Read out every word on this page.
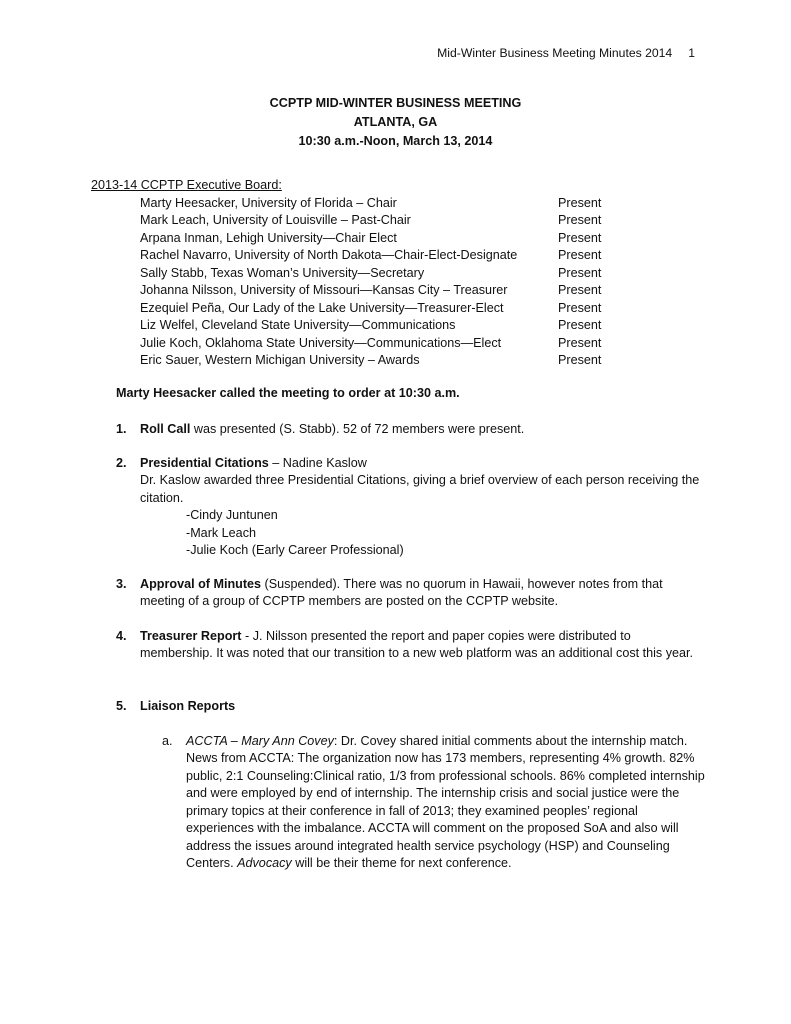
Mid-Winter Business Meeting Minutes 2014 1
CCPTP MID-WINTER BUSINESS MEETING
ATLANTA, GA
10:30 a.m.-Noon, March 13, 2014
2013-14 CCPTP Executive Board:
Marty Heesacker, University of Florida – Chair	Present
Mark Leach, University of Louisville – Past-Chair	Present
Arpana Inman, Lehigh University—Chair Elect	Present
Rachel Navarro, University of North Dakota—Chair-Elect-Designate	Present
Sally Stabb, Texas Woman’s University—Secretary	Present
Johanna Nilsson, University of Missouri—Kansas City – Treasurer	Present
Ezequiel Peña, Our Lady of the Lake University—Treasurer-Elect	Present
Liz Welfel, Cleveland State University—Communications	Present
Julie Koch, Oklahoma State University—Communications—Elect	Present
Eric Sauer, Western Michigan University – Awards	Present
Marty Heesacker called the meeting to order at 10:30 a.m.
1. Roll Call was presented (S. Stabb). 52 of 72 members were present.
2. Presidential Citations – Nadine Kaslow
Dr. Kaslow awarded three Presidential Citations, giving a brief overview of each person receiving the citation.
-Cindy Juntunen
-Mark Leach
-Julie Koch (Early Career Professional)
3. Approval of Minutes (Suspended). There was no quorum in Hawaii, however notes from that meeting of a group of CCPTP members are posted on the CCPTP website.
4. Treasurer Report - J. Nilsson presented the report and paper copies were distributed to membership. It was noted that our transition to a new web platform was an additional cost this year.
5. Liaison Reports
a. ACCTA – Mary Ann Covey: Dr. Covey shared initial comments about the internship match. News from ACCTA: The organization now has 173 members, representing 4% growth. 82% public, 2:1 Counseling:Clinical ratio, 1/3 from professional schools. 86% completed internship and were employed by end of internship. The internship crisis and social justice were the primary topics at their conference in fall of 2013; they examined peoples’ regional experiences with the imbalance. ACCTA will comment on the proposed SoA and also will address the issues around integrated health service psychology (HSP) and Counseling Centers. Advocacy will be their theme for next conference.
